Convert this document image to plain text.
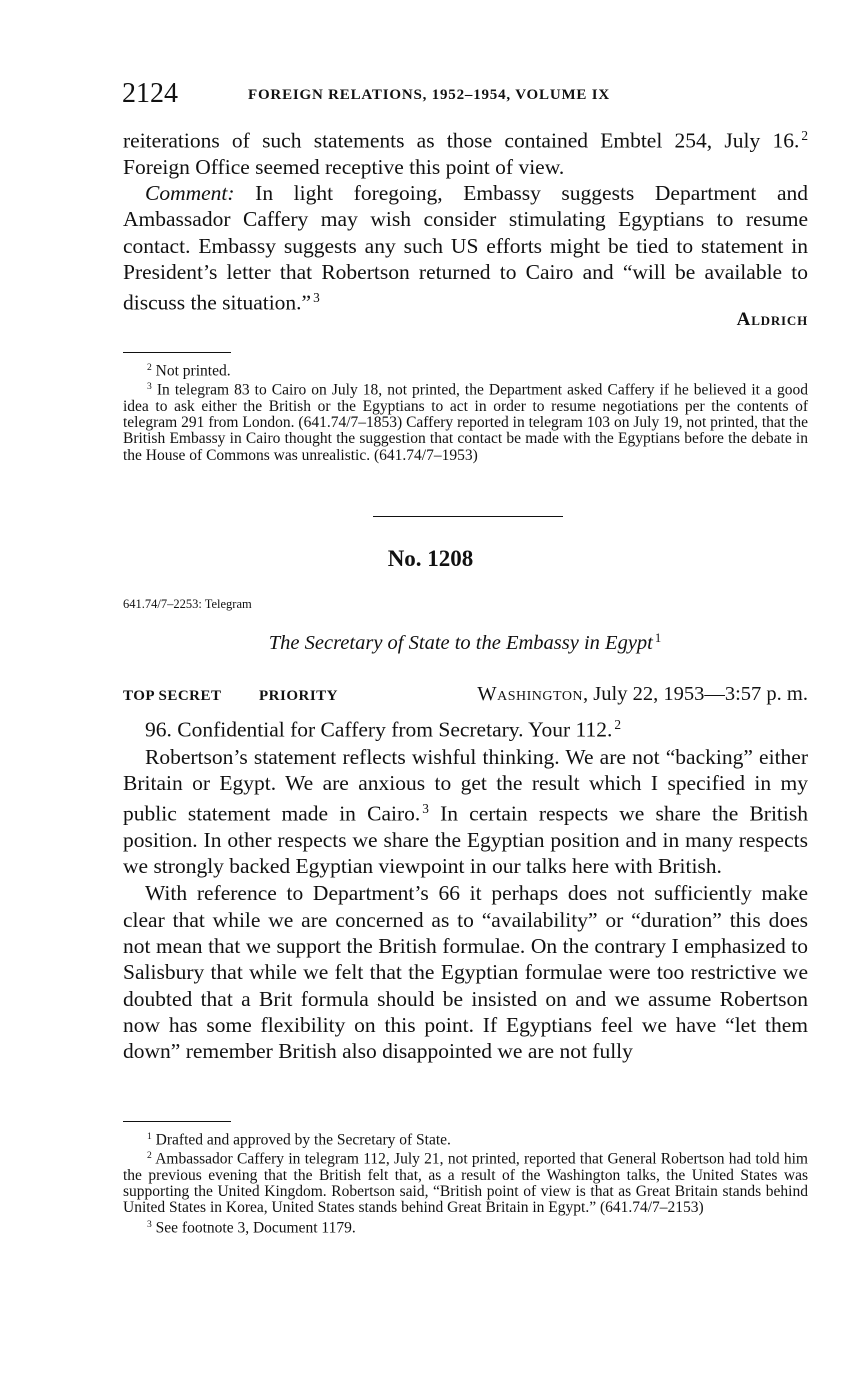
2124	FOREIGN RELATIONS, 1952–1954, VOLUME IX

reiterations of such statements as those contained Embtel 254, July 16. $^2$ Foreign Office seemed receptive this point of view.

Comment: In light foregoing, Embassy suggests Department and Ambassador Caffery may wish consider stimulating Egyptians to resume contact. Embassy suggests any such US efforts might be tied to statement in President’s letter that Robertson returned to Cairo and “will be available to discuss the situation.” $^3$

Aldrich

$^2$ Not printed.

$^3$ In telegram 83 to Cairo on July 18, not printed, the Department asked Caffery if he believed it a good idea to ask either the British or the Egyptians to act in order to resume negotiations per the contents of telegram 291 from London. (641.74/7–1853) Caffery reported in telegram 103 on July 19, not printed, that the British Embassy in Cairo thought the suggestion that contact be made with the Egyptians before the debate in the House of Commons was unrealistic. (641.74/7–1953)

No. 1208
641.74/7–2253: Telegram
The Secretary of State to the Embassy in Egypt $^1$
TOP SECRET PRIORITY	Washington, July 22, 1953—3:57 p. m.

96. Confidential for Caffery from Secretary. Your 112. $^2$

Robertson’s statement reflects wishful thinking. We are not “backing” either Britain or Egypt. We are anxious to get the result which I specified in my public statement made in Cairo. $^3$ In certain respects we share the British position. In other respects we share the Egyptian position and in many respects we strongly backed Egyptian viewpoint in our talks here with British.

With reference to Department’s 66 it perhaps does not sufficiently make clear that while we are concerned as to “availability” or “duration” this does not mean that we support the British formulae. On the contrary I emphasized to Salisbury that while we felt that the Egyptian formulae were too restrictive we doubted that a Brit formula should be insisted on and we assume Robertson now has some flexibility on this point. If Egyptians feel we have “let them down” remember British also disappointed we are not fully

$^1$ Drafted and approved by the Secretary of State.

$^2$ Ambassador Caffery in telegram 112, July 21, not printed, reported that General Robertson had told him the previous evening that the British felt that, as a result of the Washington talks, the United States was supporting the United Kingdom. Robertson said, “British point of view is that as Great Britain stands behind United States in Korea, United States stands behind Great Britain in Egypt.” (641.74/7–2153)

$^3$ See footnote 3, Document 1179.
